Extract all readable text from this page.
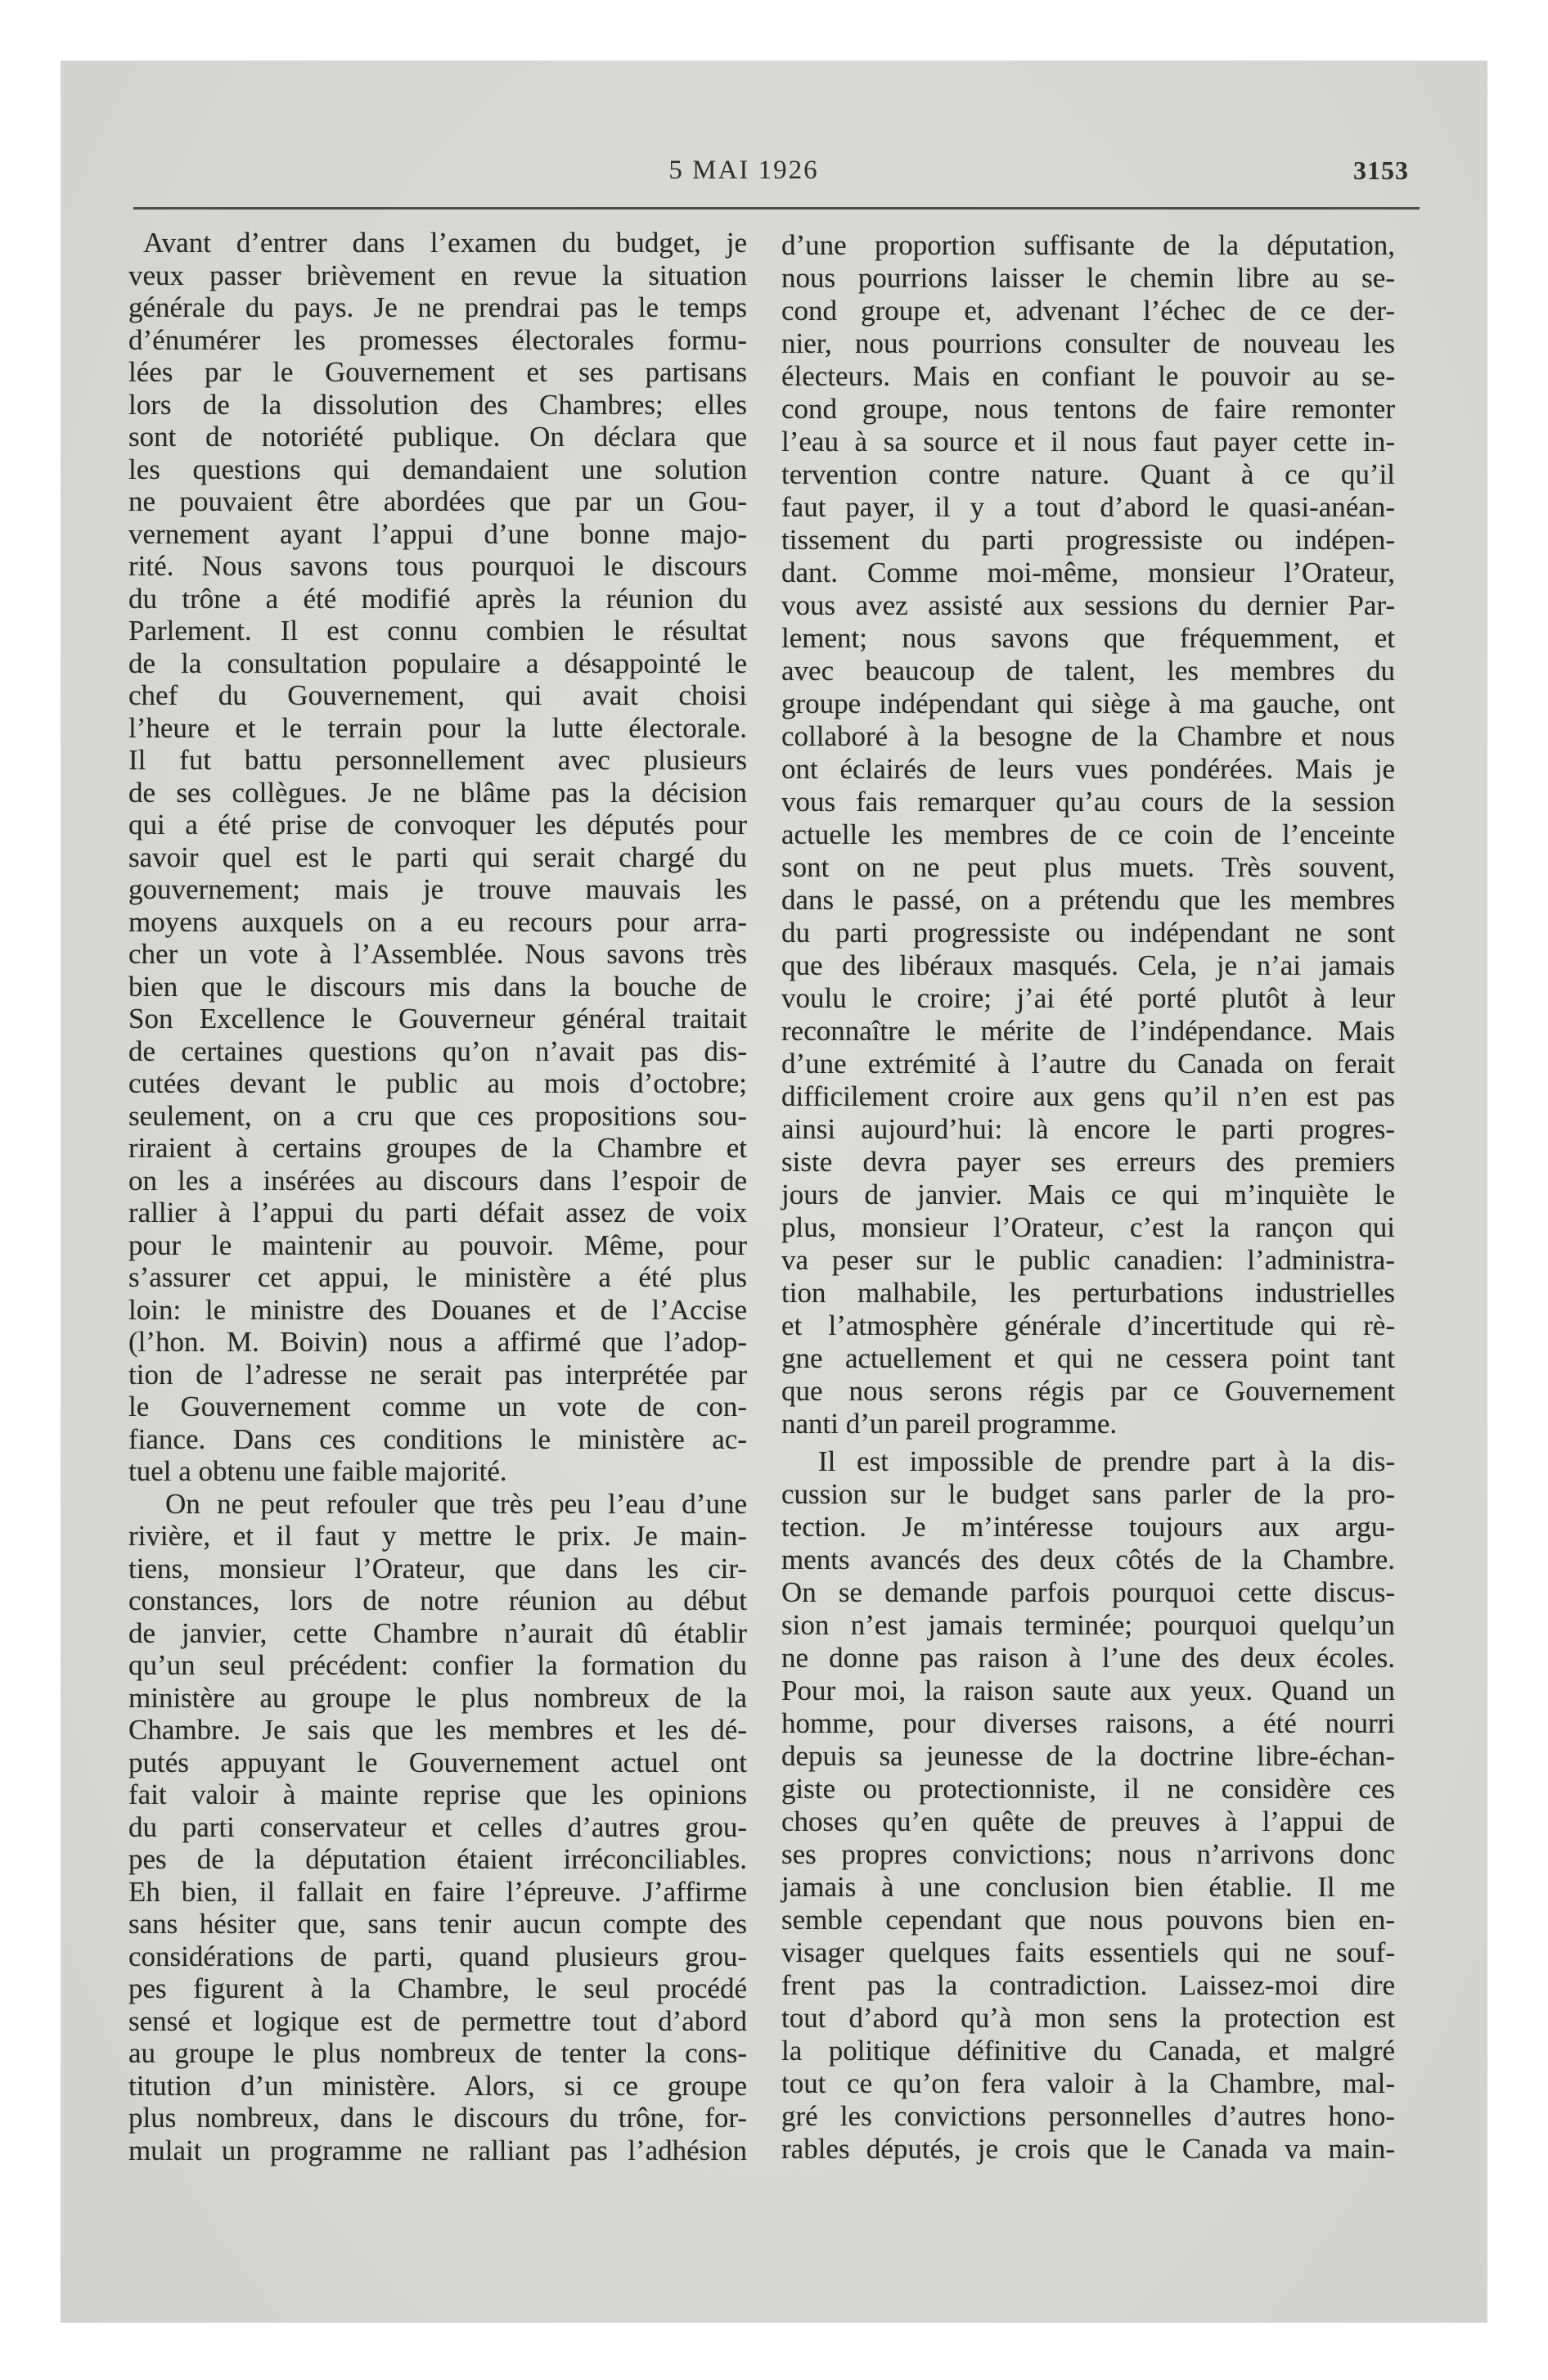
5 MAI 1926	3153
Avant d’entrer dans l’examen du budget, je
veux passer brièvement en revue la situation
générale du pays. Je ne prendrai pas le temps
d’énumérer les promesses électorales formu-
lées par le Gouvernement et ses partisans
lors de la dissolution des Chambres; elles
sont de notoriété publique. On déclara que
les questions qui demandaient une solution
ne pouvaient être abordées que par un Gou-
vernement ayant l’appui d’une bonne majo-
rité. Nous savons tous pourquoi le discours
du trône a été modifié après la réunion du
Parlement. Il est connu combien le résultat
de la consultation populaire a désappointé le
chef du Gouvernement, qui avait choisi
l’heure et le terrain pour la lutte électorale.
Il fut battu personnellement avec plusieurs
de ses collègues. Je ne blâme pas la décision
qui a été prise de convoquer les députés pour
savoir quel est le parti qui serait chargé du
gouvernement; mais je trouve mauvais les
moyens auxquels on a eu recours pour arra-
cher un vote à l’Assemblée. Nous savons très
bien que le discours mis dans la bouche de
Son Excellence le Gouverneur général traitait
de certaines questions qu’on n’avait pas dis-
cutées devant le public au mois d’octobre;
seulement, on a cru que ces propositions sou-
riraient à certains groupes de la Chambre et
on les a insérées au discours dans l’espoir de
rallier à l’appui du parti défait assez de voix
pour le maintenir au pouvoir. Même, pour
s’assurer cet appui, le ministère a été plus
loin: le ministre des Douanes et de l’Accise
(l’hon. M. Boivin) nous a affirmé que l’adop-
tion de l’adresse ne serait pas interprétée par
le Gouvernement comme un vote de con-
fiance. Dans ces conditions le ministère ac-
tuel a obtenu une faible majorité.
On ne peut refouler que très peu l’eau d’une
rivière, et il faut y mettre le prix. Je main-
tiens, monsieur l’Orateur, que dans les cir-
constances, lors de notre réunion au début
de janvier, cette Chambre n’aurait dû établir
qu’un seul précédent: confier la formation du
ministère au groupe le plus nombreux de la
Chambre. Je sais que les membres et les dé-
putés appuyant le Gouvernement actuel ont
fait valoir à mainte reprise que les opinions
du parti conservateur et celles d’autres grou-
pes de la députation étaient irréconciliables.
Eh bien, il fallait en faire l’épreuve. J’affirme
sans hésiter que, sans tenir aucun compte des
considérations de parti, quand plusieurs grou-
pes figurent à la Chambre, le seul procédé
sensé et logique est de permettre tout d’abord
au groupe le plus nombreux de tenter la cons-
titution d’un ministère. Alors, si ce groupe
plus nombreux, dans le discours du trône, for-
mulait un programme ne ralliant pas l’adhésion
d’une proportion suffisante de la députation,
nous pourrions laisser le chemin libre au se-
cond groupe et, advenant l’échec de ce der-
nier, nous pourrions consulter de nouveau les
électeurs. Mais en confiant le pouvoir au se-
cond groupe, nous tentons de faire remonter
l’eau à sa source et il nous faut payer cette in-
tervention contre nature. Quant à ce qu’il
faut payer, il y a tout d’abord le quasi-anéan-
tissement du parti progressiste ou indépen-
dant. Comme moi-même, monsieur l’Orateur,
vous avez assisté aux sessions du dernier Par-
lement; nous savons que fréquemment, et
avec beaucoup de talent, les membres du
groupe indépendant qui siège à ma gauche, ont
collaboré à la besogne de la Chambre et nous
ont éclairés de leurs vues pondérées. Mais je
vous fais remarquer qu’au cours de la session
actuelle les membres de ce coin de l’enceinte
sont on ne peut plus muets. Très souvent,
dans le passé, on a prétendu que les membres
du parti progressiste ou indépendant ne sont
que des libéraux masqués. Cela, je n’ai jamais
voulu le croire; j’ai été porté plutôt à leur
reconnaître le mérite de l’indépendance. Mais
d’une extrémité à l’autre du Canada on ferait
difficilement croire aux gens qu’il n’en est pas
ainsi aujourd’hui: là encore le parti progres-
siste devra payer ses erreurs des premiers
jours de janvier. Mais ce qui m’inquiète le
plus, monsieur l’Orateur, c’est la rançon qui
va peser sur le public canadien: l’administra-
tion malhabile, les perturbations industrielles
et l’atmosphère générale d’incertitude qui rè-
gne actuellement et qui ne cessera point tant
que nous serons régis par ce Gouvernement
nanti d’un pareil programme.
Il est impossible de prendre part à la dis-
cussion sur le budget sans parler de la pro-
tection. Je m’intéresse toujours aux argu-
ments avancés des deux côtés de la Chambre.
On se demande parfois pourquoi cette discus-
sion n’est jamais terminée; pourquoi quelqu’un
ne donne pas raison à l’une des deux écoles.
Pour moi, la raison saute aux yeux. Quand un
homme, pour diverses raisons, a été nourri
depuis sa jeunesse de la doctrine libre-échan-
giste ou protectionniste, il ne considère ces
choses qu’en quête de preuves à l’appui de
ses propres convictions; nous n’arrivons donc
jamais à une conclusion bien établie. Il me
semble cependant que nous pouvons bien en-
visager quelques faits essentiels qui ne souf-
frent pas la contradiction. Laissez-moi dire
tout d’abord qu’à mon sens la protection est
la politique définitive du Canada, et malgré
tout ce qu’on fera valoir à la Chambre, mal-
gré les convictions personnelles d’autres hono-
rables députés, je crois que le Canada va main-
